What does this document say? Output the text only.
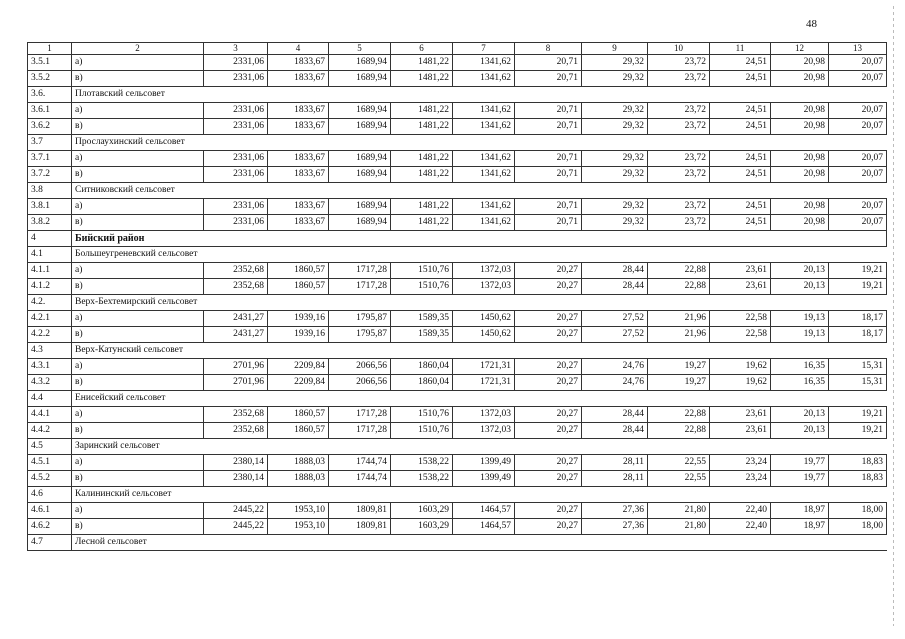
48
1	2	3	4	5	6	7	8	9	10	11	12	13
3.5.1	а)	2331,06	1833,67	1689,94	1481,22	1341,62	20,71	29,32	23,72	24,51	20,98	20,07
3.5.2	в)	2331,06	1833,67	1689,94	1481,22	1341,62	20,71	29,32	23,72	24,51	20,98	20,07
3.6.	Плотавский сельсовет											
3.6.1	а)	2331,06	1833,67	1689,94	1481,22	1341,62	20,71	29,32	23,72	24,51	20,98	20,07
3.6.2	в)	2331,06	1833,67	1689,94	1481,22	1341,62	20,71	29,32	23,72	24,51	20,98	20,07
3.7	Прослаухинский сельсовет											
3.7.1	а)	2331,06	1833,67	1689,94	1481,22	1341,62	20,71	29,32	23,72	24,51	20,98	20,07
3.7.2	в)	2331,06	1833,67	1689,94	1481,22	1341,62	20,71	29,32	23,72	24,51	20,98	20,07
3.8	Ситниковский сельсовет											
3.8.1	а)	2331,06	1833,67	1689,94	1481,22	1341,62	20,71	29,32	23,72	24,51	20,98	20,07
3.8.2	в)	2331,06	1833,67	1689,94	1481,22	1341,62	20,71	29,32	23,72	24,51	20,98	20,07
4	Бийский район											
4.1	Большеугреневский сельсовет											
4.1.1	а)	2352,68	1860,57	1717,28	1510,76	1372,03	20,27	28,44	22,88	23,61	20,13	19,21
4.1.2	в)	2352,68	1860,57	1717,28	1510,76	1372,03	20,27	28,44	22,88	23,61	20,13	19,21
4.2.	Верх-Бехтемирский сельсовет											
4.2.1	а)	2431,27	1939,16	1795,87	1589,35	1450,62	20,27	27,52	21,96	22,58	19,13	18,17
4.2.2	в)	2431,27	1939,16	1795,87	1589,35	1450,62	20,27	27,52	21,96	22,58	19,13	18,17
4.3	Верх-Катунский сельсовет											
4.3.1	а)	2701,96	2209,84	2066,56	1860,04	1721,31	20,27	24,76	19,27	19,62	16,35	15,31
4.3.2	в)	2701,96	2209,84	2066,56	1860,04	1721,31	20,27	24,76	19,27	19,62	16,35	15,31
4.4	Енисейский сельсовет											
4.4.1	а)	2352,68	1860,57	1717,28	1510,76	1372,03	20,27	28,44	22,88	23,61	20,13	19,21
4.4.2	в)	2352,68	1860,57	1717,28	1510,76	1372,03	20,27	28,44	22,88	23,61	20,13	19,21
4.5	Заринский сельсовет											
4.5.1	а)	2380,14	1888,03	1744,74	1538,22	1399,49	20,27	28,11	22,55	23,24	19,77	18,83
4.5.2	в)	2380,14	1888,03	1744,74	1538,22	1399,49	20,27	28,11	22,55	23,24	19,77	18,83
4.6	Калининский сельсовет											
4.6.1	а)	2445,22	1953,10	1809,81	1603,29	1464,57	20,27	27,36	21,80	22,40	18,97	18,00
4.6.2	в)	2445,22	1953,10	1809,81	1603,29	1464,57	20,27	27,36	21,80	22,40	18,97	18,00
4.7	Лесной сельсовет											
